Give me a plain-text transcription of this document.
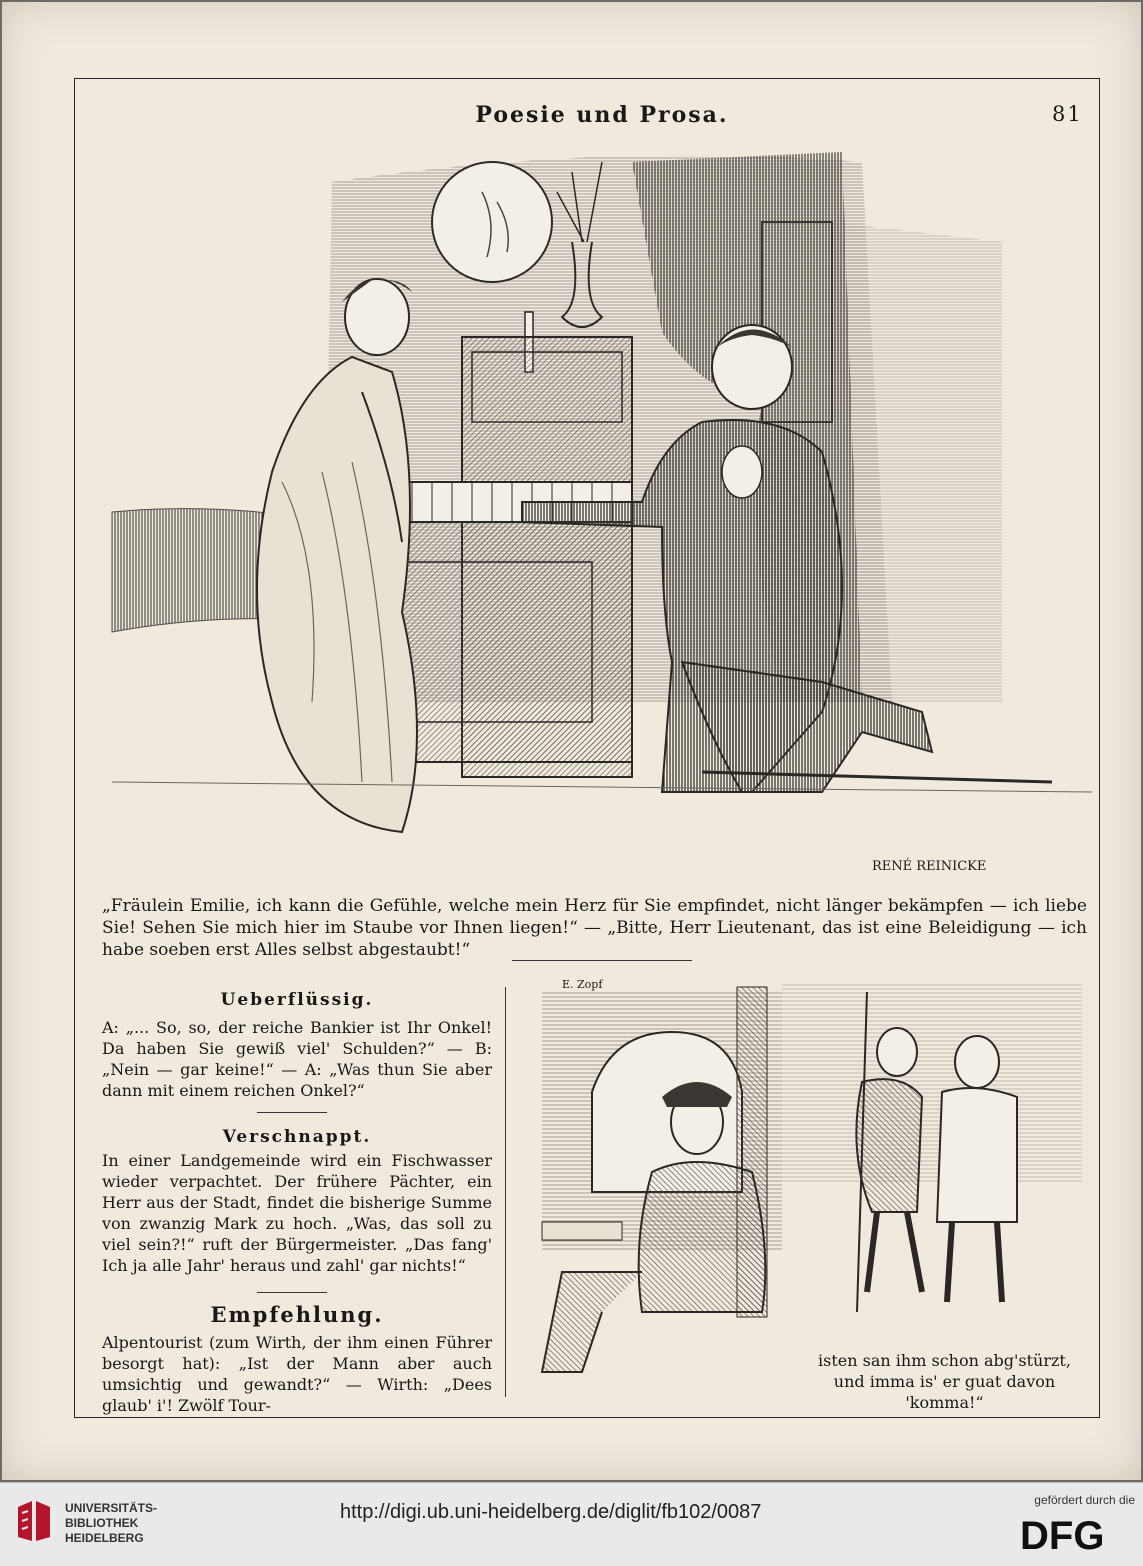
Poesie und Prosa.	81
RENÉ REINICKE
„Fräulein Emilie, ich kann die Gefühle, welche mein Herz für Sie empfindet, nicht länger bekämpfen — ich liebe Sie! Sehen Sie mich hier im Staube vor Ihnen liegen!“ — „Bitte, Herr Lieutenant, das ist eine Beleidigung — ich habe soeben erst Alles selbst abgestaubt!“
Ueberflüssig.
A: „... So, so, der reiche Bankier ist Ihr Onkel! Da haben Sie gewiß viel' Schulden?“ — B: „Nein — gar keine!“ — A: „Was thun Sie aber dann mit einem reichen Onkel?“
Verschnappt.
In einer Landgemeinde wird ein Fischwasser wieder verpachtet. Der frühere Pächter, ein Herr aus der Stadt, findet die bisherige Summe von zwanzig Mark zu hoch. „Was, das soll zu viel sein?!“ ruft der Bürgermeister. „Das fang' Ich ja alle Jahr' heraus und zahl' gar nichts!“
Empfehlung.
Alpentourist (zum Wirth, der ihm einen Führer besorgt hat): „Ist der Mann aber auch umsichtig und gewandt?“ — Wirth: „Dees glaub' i'! Zwölf Tour-
E. Zopf
isten san ihm schon abg'stürzt, und imma is' er guat davon 'komma!“
UNIVERSITÄTS-
BIBLIOTHEK
HEIDELBERG
http://digi.ub.uni-heidelberg.de/diglit/fb102/0087
gefördert durch die
DFG
